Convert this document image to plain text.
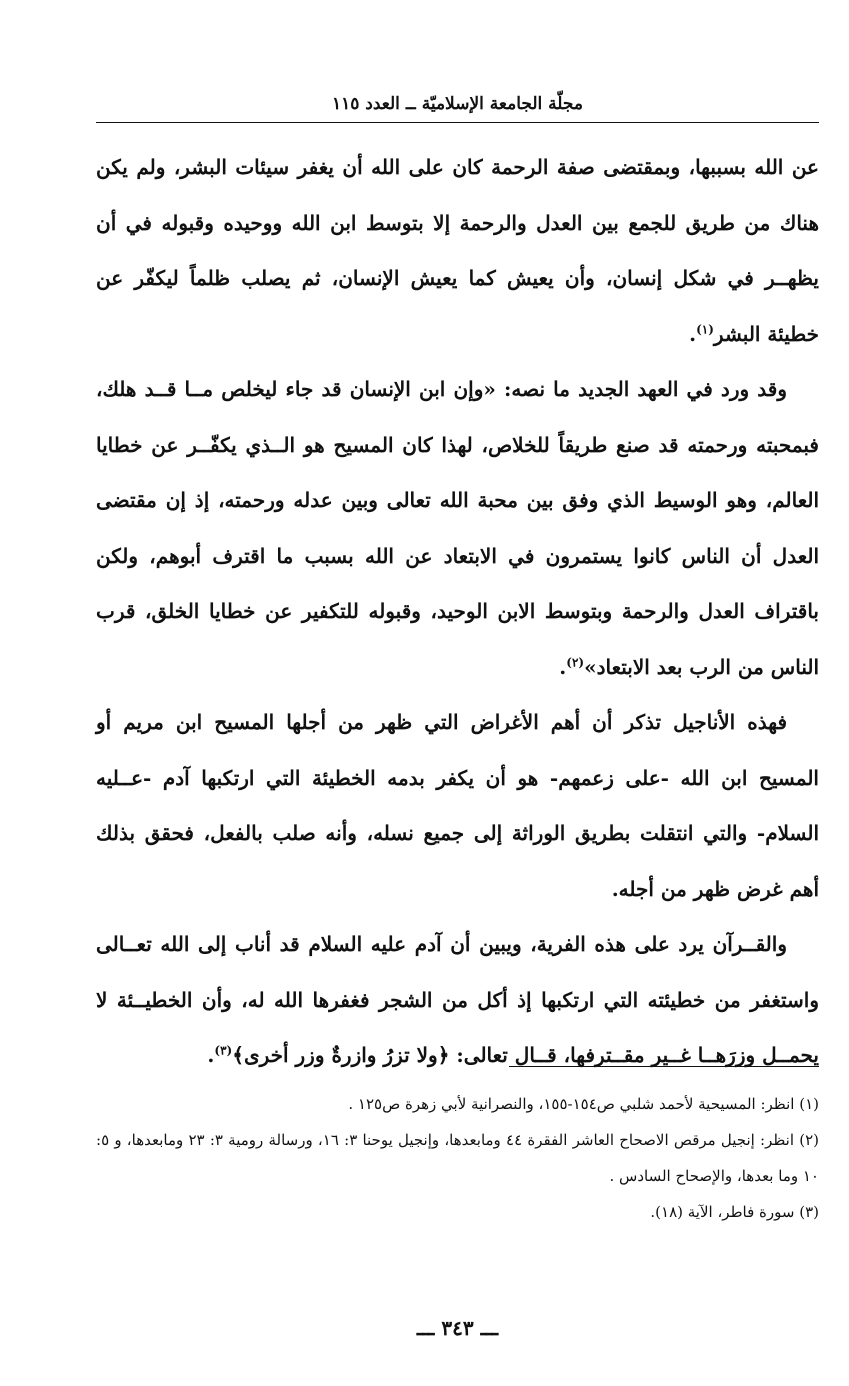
مجلّة الجامعة الإسلاميّة ــ العدد ١١٥

عن الله بسببها، وبمقتضى صفة الرحمة كان على الله أن يغفر سيئات البشر، ولم يكن هناك من طريق للجمع بين العدل والرحمة إلا بتوسط ابن الله ووحيده وقبوله في أن يظهــر في شكل إنسان، وأن يعيش كما يعيش الإنسان، ثم يصلب ظلماً ليكفّر عن خطيئة البشر$^{(١)}$.

وقد ورد في العهد الجديد ما نصه: «وإن ابن الإنسان قد جاء ليخلص مــا قــد هلك، فبمحبته ورحمته قد صنع طريقاً للخلاص، لهذا كان المسيح هو الــذي يكفّــر عن خطايا العالم، وهو الوسيط الذي وفق بين محبة الله تعالى وبين عدله ورحمته، إذ إن مقتضى العدل أن الناس كانوا يستمرون في الابتعاد عن الله بسبب ما اقترف أبوهم، ولكن باقتراف العدل والرحمة وبتوسط الابن الوحيد، وقبوله للتكفير عن خطايا الخلق، قرب الناس من الرب بعد الابتعاد»$^{(٢)}$.

فهذه الأناجيل تذكر أن أهم الأغراض التي ظهر من أجلها المسيح ابن مريم أو المسيح ابن الله -على زعمهم- هو أن يكفر بدمه الخطيئة التي ارتكبها آدم -عــليه السلام- والتي انتقلت بطريق الوراثة إلى جميع نسله، وأنه صلب بالفعل، فحقق بذلك أهم غرض ظهر من أجله.

والقــرآن يرد على هذه الفرية، ويبين أن آدم عليه السلام قد أناب إلى الله تعــالى واستغفر من خطيئته التي ارتكبها إذ أكل من الشجر فغفرها الله له، وأن الخطيــئة لا يحمــل وزرَهــا غــير مقــترفها، قــال تعالى: ﴿ولا تزرُ وازرةٌ وزر أخرى﴾$^{(٣)}$.

(١) انظر: المسيحية لأحمد شلبي ص١٥٤-١٥٥، والنصرانية لأبي زهرة ص١٢٥ .

(٢) انظر: إنجيل مرقص الاصحاح العاشر الفقرة ٤٤ ومابعدها، وإنجيل يوحنا ٣: ١٦، ورسالة رومية ٣: ٢٣ ومابعدها، و ٥: ١٠ وما بعدها، والإصحاح السادس .

(٣) سورة فاطر، الآية (١٨).

ـــ ٣٤٣ ـــ
